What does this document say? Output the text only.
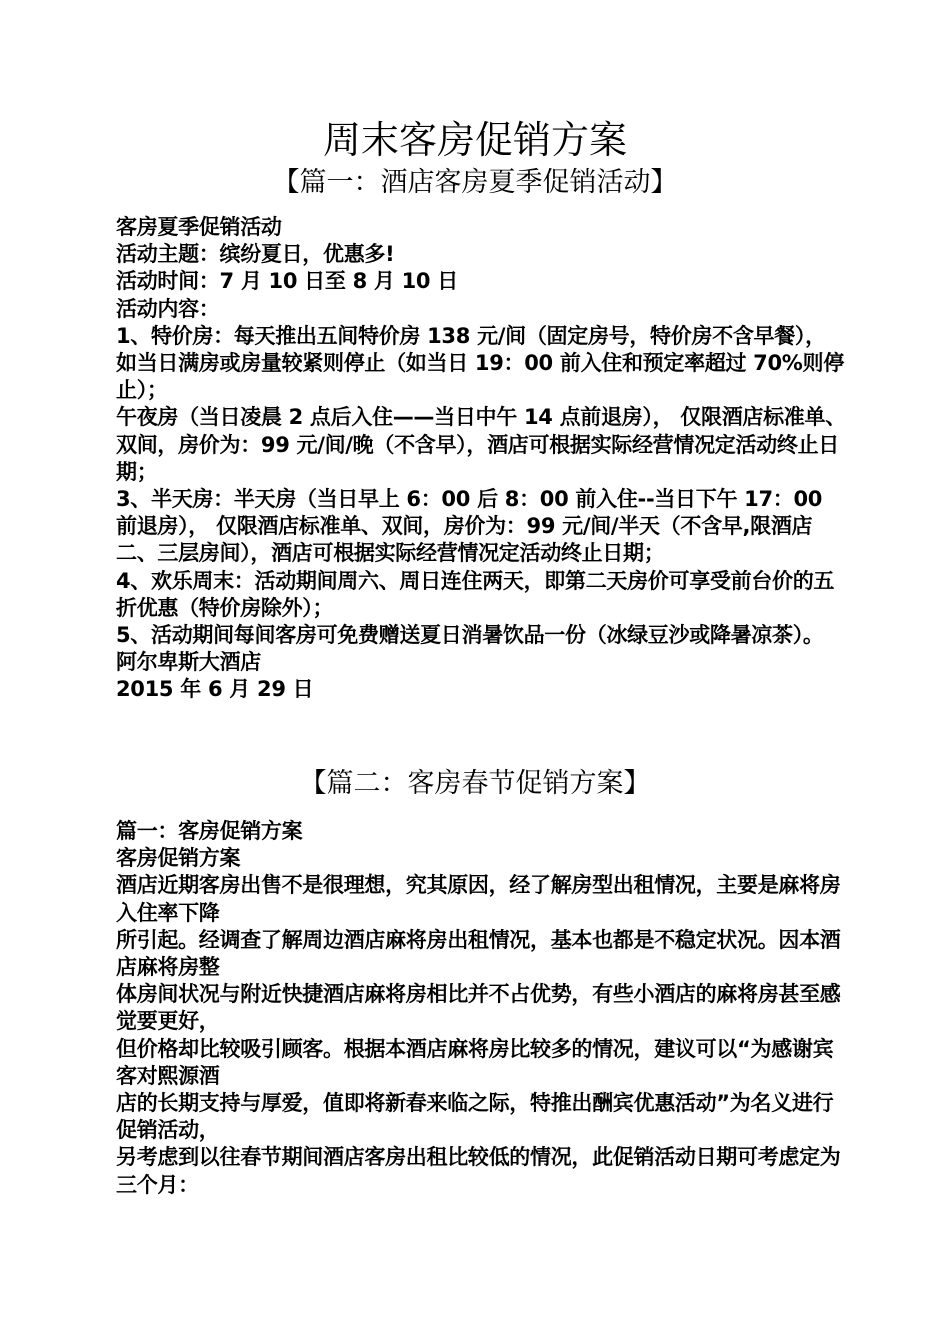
周末客房促销方案
【篇一：酒店客房夏季促销活动】
客房夏季促销活动
活动主题：缤纷夏日，优惠多!
活动时间：7 月 10 日至 8 月 10 日
活动内容：
1、特价房：每天推出五间特价房 138 元/间（固定房号，特价房不含早餐），如当日满房或房量较紧则停止（如当日 19：00 前入住和预定率超过 70%则停止）；
午夜房（当日凌晨 2 点后入住——当日中午 14 点前退房）， 仅限酒店标准单、双间，房价为：99 元/间/晚（不含早），酒店可根据实际经营情况定活动终止日期；
3、半天房：半天房（当日早上 6：00 后 8：00 前入住--当日下午 17：00 前退房）， 仅限酒店标准单、双间，房价为：99 元/间/半天（不含早,限酒店二、三层房间），酒店可根据实际经营情况定活动终止日期；
4、欢乐周末：活动期间周六、周日连住两天，即第二天房价可享受前台价的五折优惠（特价房除外）；
5、活动期间每间客房可免费赠送夏日消暑饮品一份（冰绿豆沙或降暑凉茶）。
阿尔卑斯大酒店
2015 年 6 月 29 日
【篇二：客房春节促销方案】
篇一：客房促销方案
客房促销方案
酒店近期客房出售不是很理想，究其原因，经了解房型出租情况，主要是麻将房入住率下降
所引起。经调查了解周边酒店麻将房出租情况，基本也都是不稳定状况。因本酒店麻将房整
体房间状况与附近快捷酒店麻将房相比并不占优势，有些小酒店的麻将房甚至感觉要更好，
但价格却比较吸引顾客。根据本酒店麻将房比较多的情况，建议可以“为感谢宾客对熙源酒
店的长期支持与厚爱，值即将新春来临之际，特推出酬宾优惠活动”为名义进行促销活动，
另考虑到以往春节期间酒店客房出租比较低的情况，此促销活动日期可考虑定为三个月：
